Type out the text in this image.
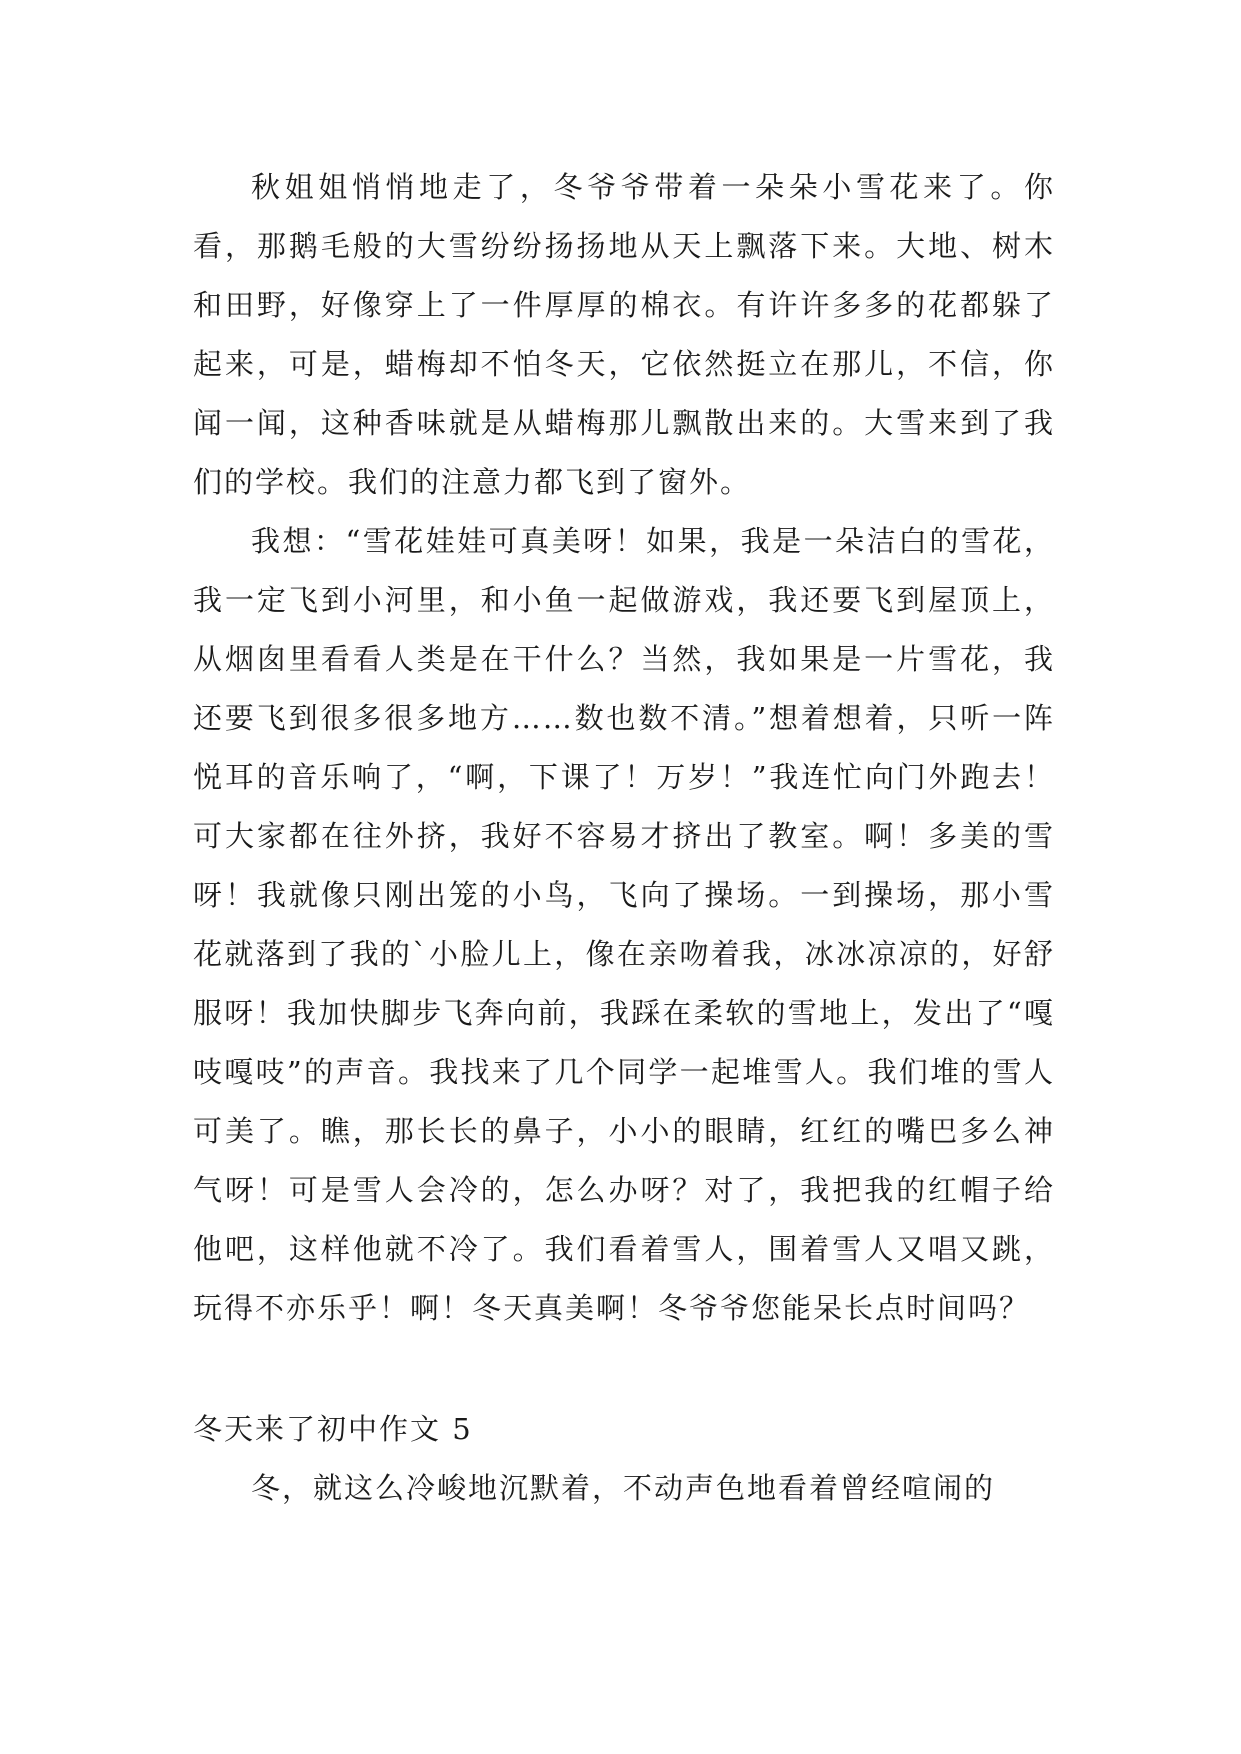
秋姐姐悄悄地走了，冬爷爷带着一朵朵小雪花来了。你看，那鹅毛般的大雪纷纷扬扬地从天上飘落下来。大地、树木和田野，好像穿上了一件厚厚的棉衣。有许许多多的花都躲了起来，可是，蜡梅却不怕冬天，它依然挺立在那儿，不信，你闻一闻，这种香味就是从蜡梅那儿飘散出来的。大雪来到了我们的学校。我们的注意力都飞到了窗外。

我想：“雪花娃娃可真美呀！如果，我是一朵洁白的雪花，我一定飞到小河里，和小鱼一起做游戏，我还要飞到屋顶上，从烟囱里看看人类是在干什么？当然，我如果是一片雪花，我还要飞到很多很多地方……数也数不清。”想着想着，只听一阵悦耳的音乐响了，“啊，下课了！万岁！”我连忙向门外跑去！可大家都在往外挤，我好不容易才挤出了教室。啊！多美的雪呀！我就像只刚出笼的小鸟，飞向了操场。一到操场，那小雪花就落到了我的`小脸儿上，像在亲吻着我，冰冰凉凉的，好舒服呀！我加快脚步飞奔向前，我踩在柔软的雪地上，发出了“嘎吱嘎吱”的声音。我找来了几个同学一起堆雪人。我们堆的雪人可美了。瞧，那长长的鼻子，小小的眼睛，红红的嘴巴多么神气呀！可是雪人会冷的，怎么办呀？对了，我把我的红帽子给他吧，这样他就不冷了。我们看着雪人，围着雪人又唱又跳，玩得不亦乐乎！啊！冬天真美啊！冬爷爷您能呆长点时间吗？

冬天来了初中作文 5

冬，就这么冷峻地沉默着，不动声色地看着曾经喧闹的
